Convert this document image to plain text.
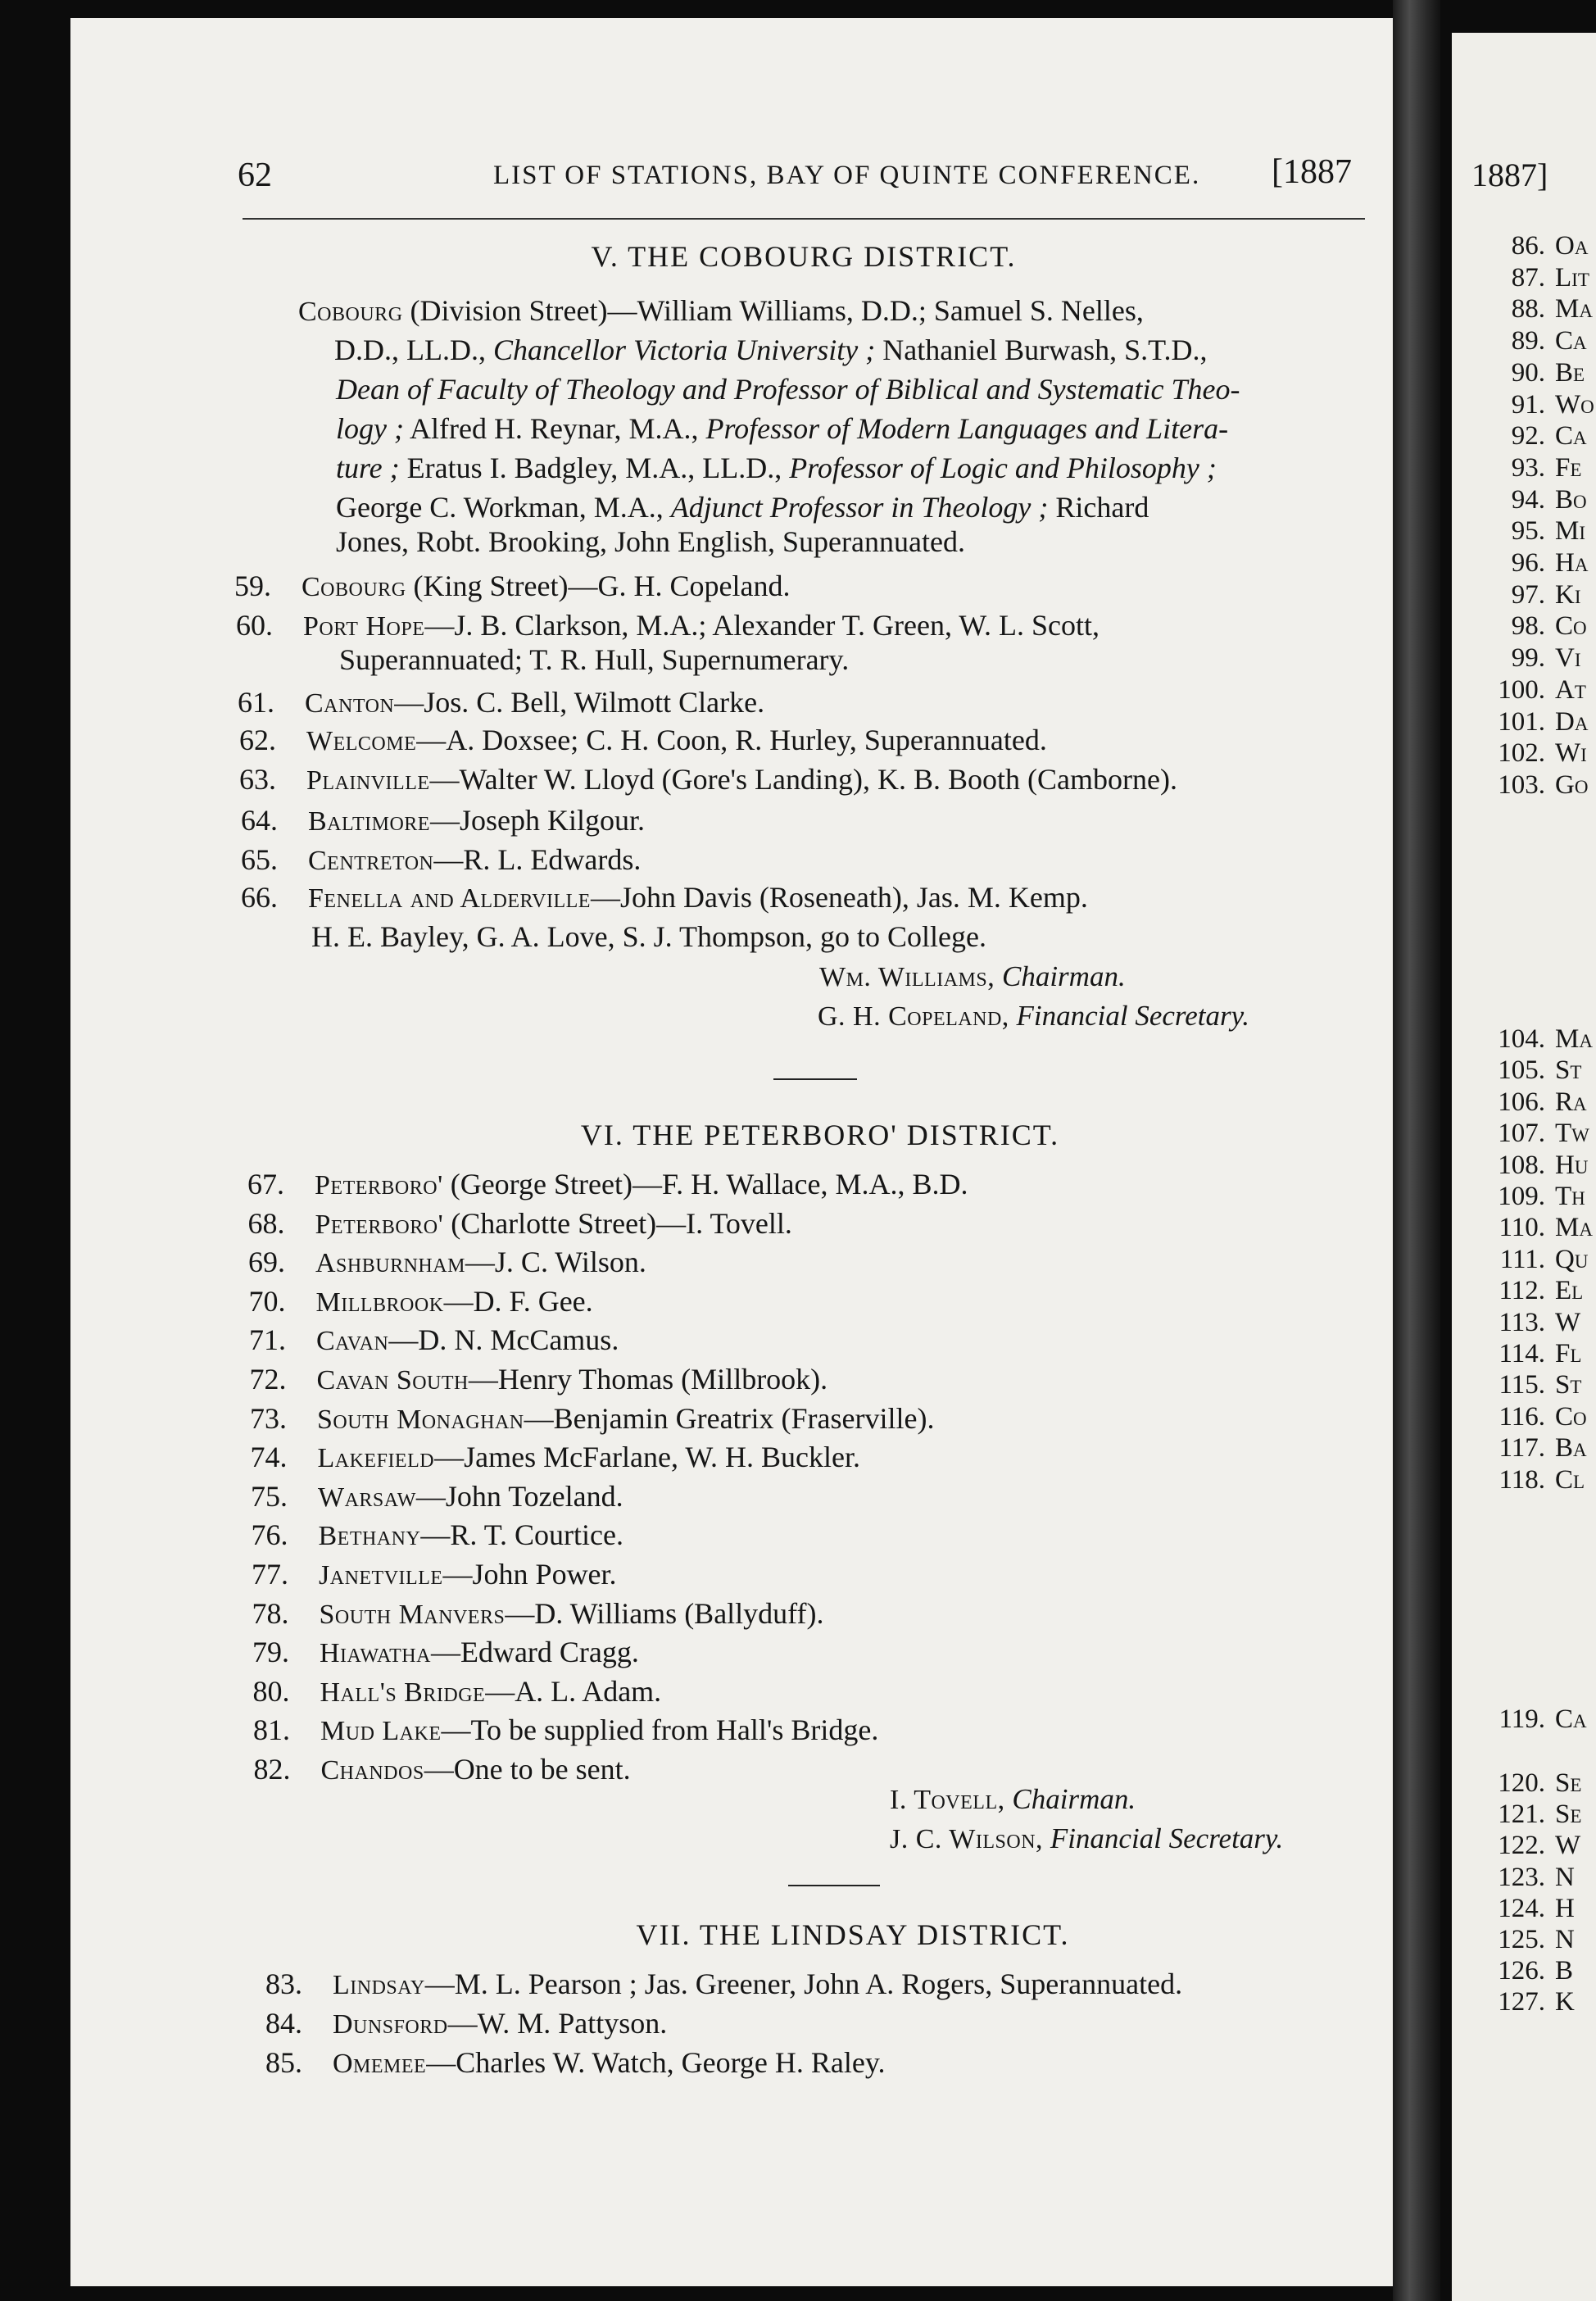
1887]
86. Oa
87. Lit
88. Ma
89. Ca
90. Be
91. Wo
92. Ca
93. Fe
94. Bo
95. Mi
96. Ha
97. Ki
98. Co
99. Vi
100. At
101. Da
102. Wi
103. Go
104. Ma
105. St
106. Ra
107. Tw
108. Hu
109. Th
110. Ma
111. Qu
112. El
113. W
114. Fl
115. St
116. Co
117. Ba
118. Cl
119. Ca
120. Se
121. Se
122. W
123. N
124. H
125. N
126. B
127. K
62	LIST OF STATIONS, BAY OF QUINTE CONFERENCE. [1887
V. THE COBOURG DISTRICT.
Cobourg (Division Street)—William Williams, D.D.; Samuel S. Nelles,
D.D., LL.D., Chancellor Victoria University ; Nathaniel Burwash, S.T.D.,
Dean of Faculty of Theology and Professor of Biblical and Systematic Theo-
logy ; Alfred H. Reynar, M.A., Professor of Modern Languages and Litera-
ture ; Eratus I. Badgley, M.A., LL.D., Professor of Logic and Philosophy ;
George C. Workman, M.A., Adjunct Professor in Theology ; Richard
Jones, Robt. Brooking, John English, Superannuated.
59. Cobourg (King Street)—G. H. Copeland.
60. Port Hope—J. B. Clarkson, M.A.; Alexander T. Green, W. L. Scott,
Superannuated; T. R. Hull, Supernumerary.
61. Canton—Jos. C. Bell, Wilmott Clarke.
62. Welcome—A. Doxsee; C. H. Coon, R. Hurley, Superannuated.
63. Plainville—Walter W. Lloyd (Gore's Landing), K. B. Booth (Camborne).
64. Baltimore—Joseph Kilgour.
65. Centreton—R. L. Edwards.
66. Fenella and Alderville—John Davis (Roseneath), Jas. M. Kemp.
H. E. Bayley, G. A. Love, S. J. Thompson, go to College.
Wm. Williams, Chairman.
G. H. Copeland, Financial Secretary.
VI. THE PETERBORO' DISTRICT.
67. Peterboro' (George Street)—F. H. Wallace, M.A., B.D.
68. Peterboro' (Charlotte Street)—I. Tovell.
69. Ashburnham—J. C. Wilson.
70. Millbrook—D. F. Gee.
71. Cavan—D. N. McCamus.
72. Cavan South—Henry Thomas (Millbrook).
73. South Monaghan—Benjamin Greatrix (Fraserville).
74. Lakefield—James McFarlane, W. H. Buckler.
75. Warsaw—John Tozeland.
76. Bethany—R. T. Courtice.
77. Janetville—John Power.
78. South Manvers—D. Williams (Ballyduff).
79. Hiawatha—Edward Cragg.
80. Hall's Bridge—A. L. Adam.
81. Mud Lake—To be supplied from Hall's Bridge.
82. Chandos—One to be sent.
I. Tovell, Chairman.
J. C. Wilson, Financial Secretary.
VII. THE LINDSAY DISTRICT.
83. Lindsay—M. L. Pearson ; Jas. Greener, John A. Rogers, Superannuated.
84. Dunsford—W. M. Pattyson.
85. Omemee—Charles W. Watch, George H. Raley.
